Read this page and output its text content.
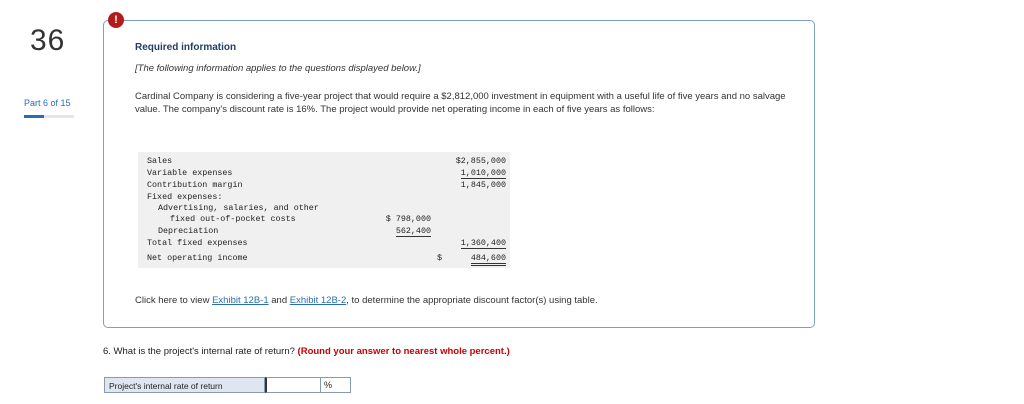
36
Part 6 of 15
!
Required information
[The following information applies to the questions displayed below.]
Cardinal Company is considering a five-year project that would require a $2,812,000 investment in equipment with a useful life of five years and no salvage value. The company's discount rate is 16%. The project would provide net operating income in each of five years as follows:
Sales	$2,855,000
Variable expenses	1,010,000
Contribution margin	1,845,000
Fixed expenses:
Advertising, salaries, and other
fixed out-of-pocket costs	$ 798,000
Depreciation	562,400
Total fixed expenses	1,360,400
Net operating income	$	484,600
Click here to view Exhibit 12B-1 and Exhibit 12B-2, to determine the appropriate discount factor(s) using table.
6. What is the project's internal rate of return? (Round your answer to nearest whole percent.)
Project's internal rate of return	%
